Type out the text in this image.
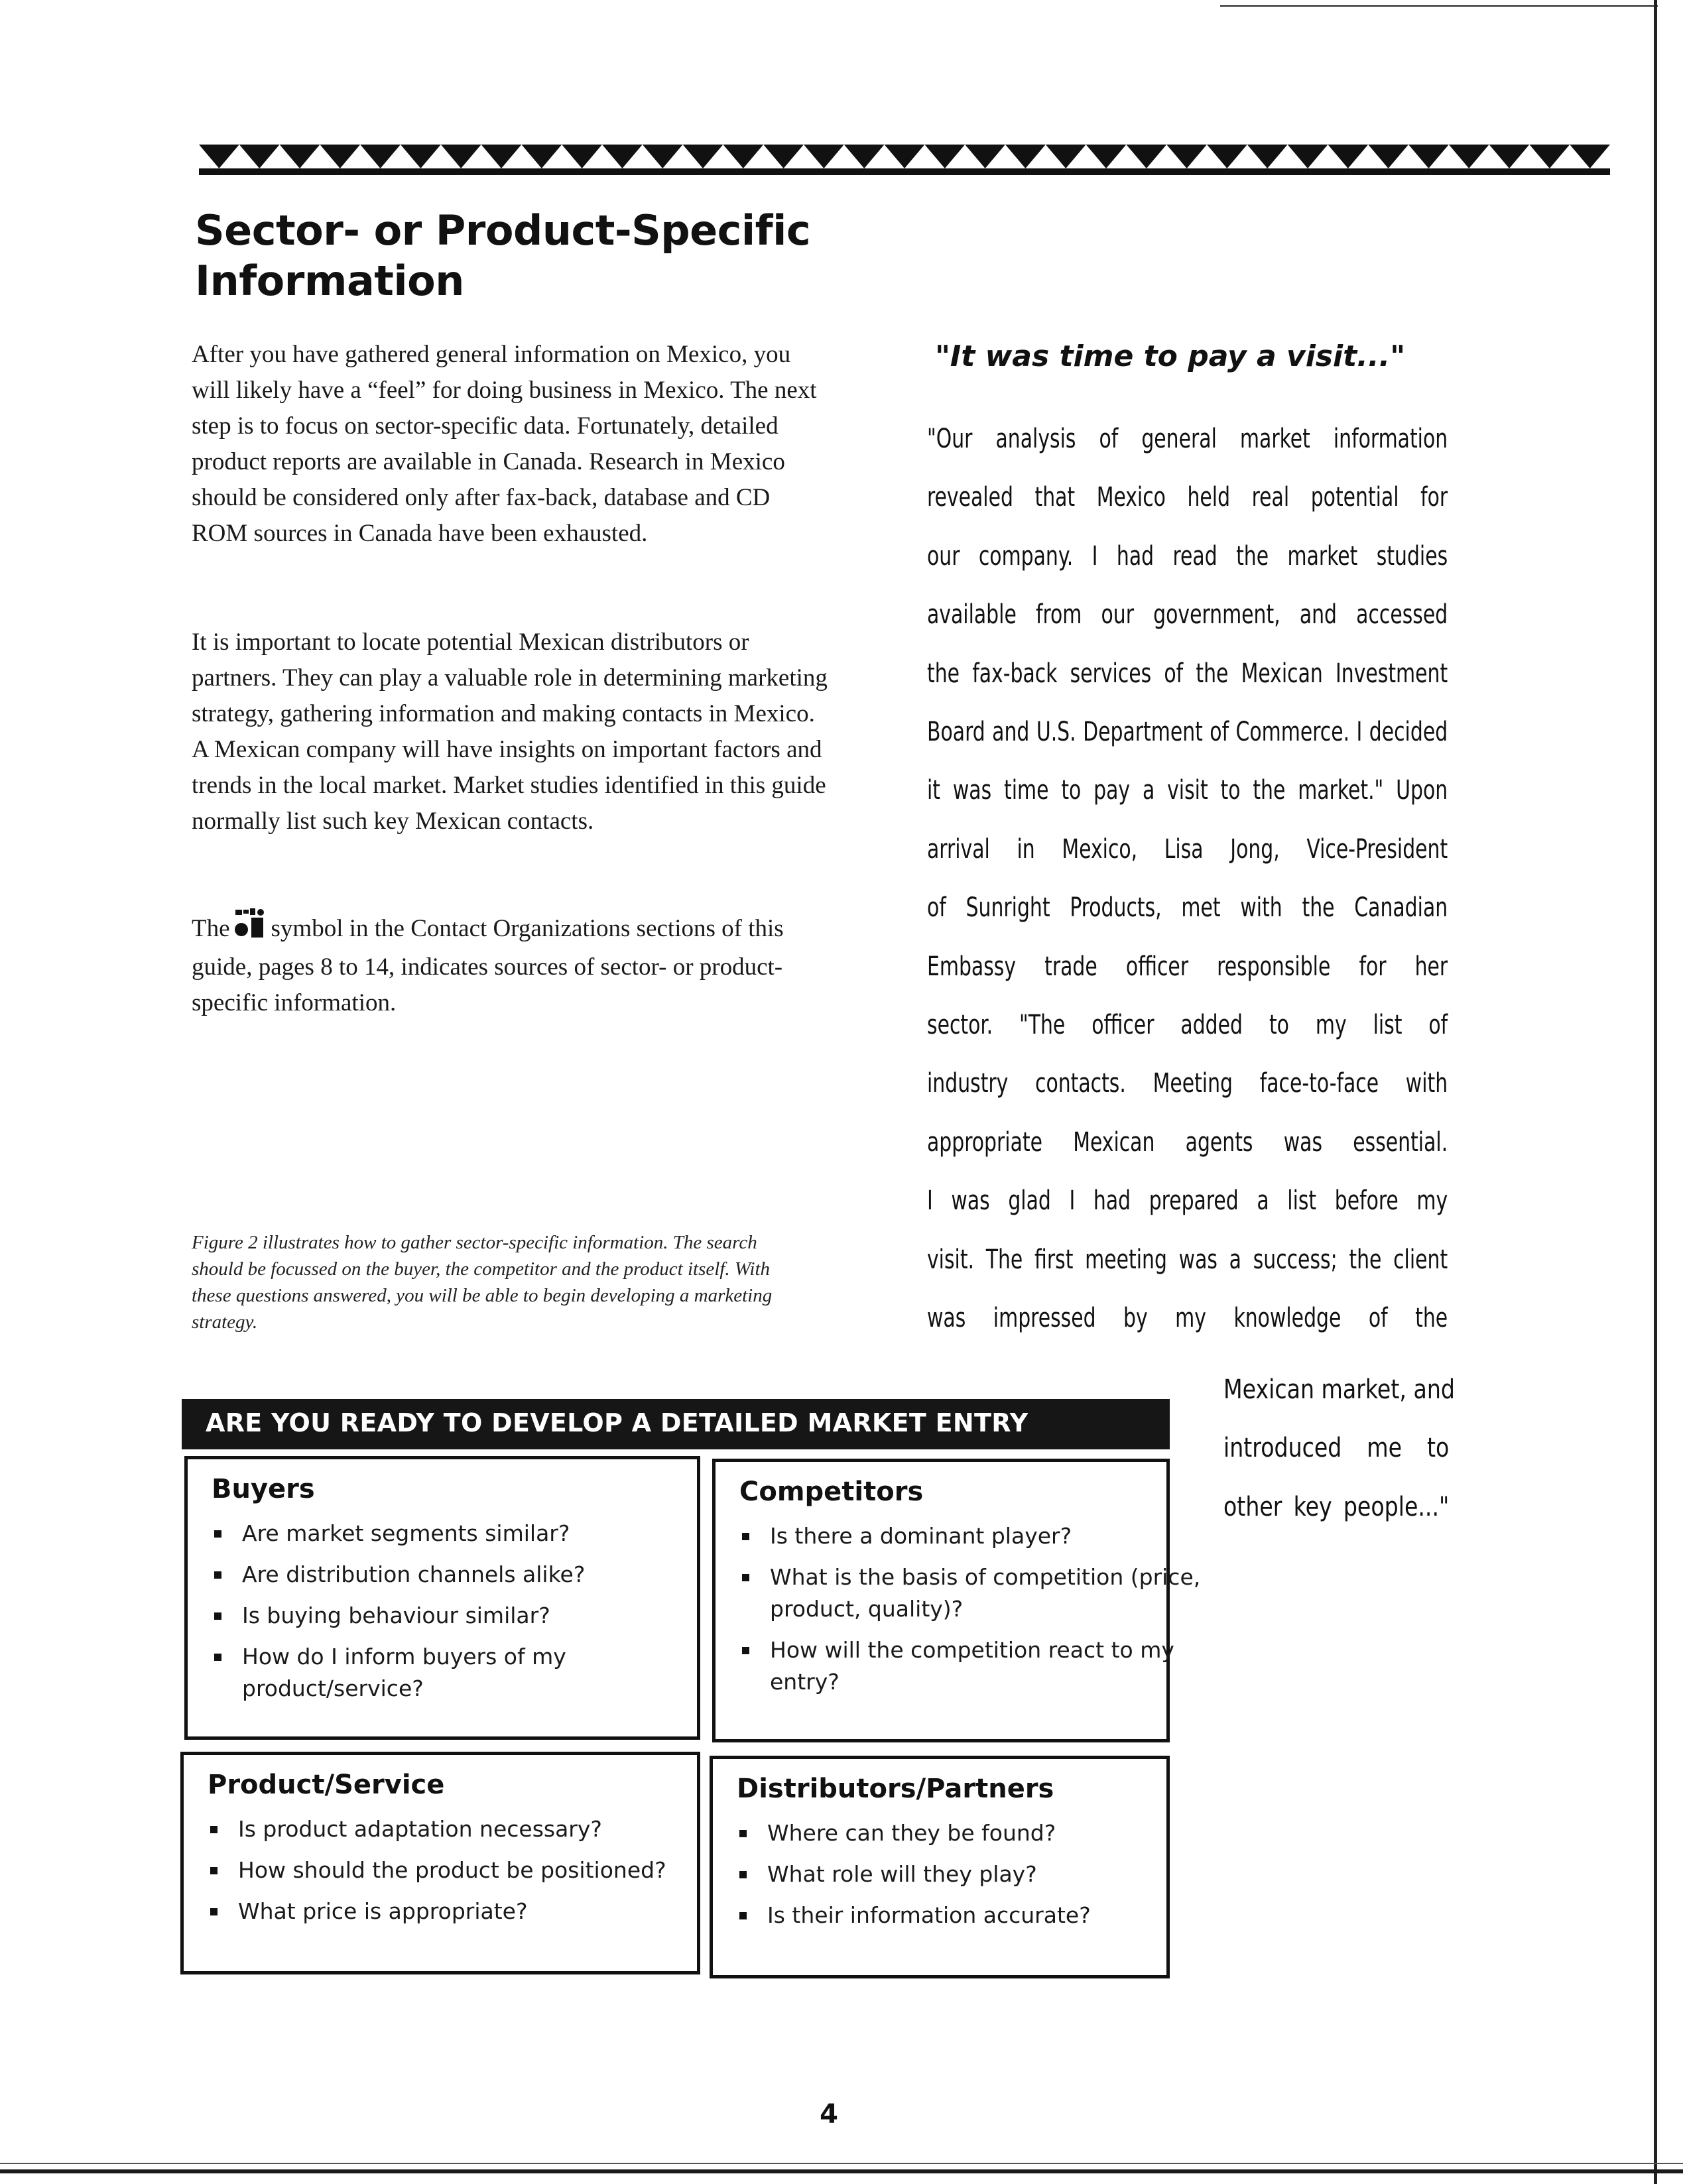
Sector- or Product-Specific
Information
After you have gathered general information on Mexico, you will likely have a “feel” for doing business in Mexico. The next step is to focus on sector-specific data. Fortunately, detailed product reports are available in Canada. Research in Mexico should be considered only after fax-back, database and CD ROM sources in Canada have been exhausted.
It is important to locate potential Mexican distributors or partners. They can play a valuable role in determining marketing strategy, gathering information and making contacts in Mexico. A Mexican company will have insights on important factors and trends in the local market. Market studies identified in this guide normally list such key Mexican contacts.
The symbol in the Contact Organizations sections of this guide, pages 8 to 14, indicates sources of sector- or product-specific information.
Figure 2 illustrates how to gather sector-specific information. The search should be focussed on the buyer, the competitor and the product itself. With these questions answered, you will be able to begin developing a marketing strategy.
"It was time to pay a visit..."
"Our analysis of general market information
revealed that Mexico held real potential for
our company. I had read the market studies
available from our government, and accessed
the fax-back services of the Mexican Investment
Board and U.S. Department of Commerce. I decided
it was time to pay a visit to the market." Upon
arrival in Mexico, Lisa Jong, Vice-President
of Sunright Products, met with the Canadian
Embassy trade officer responsible for her
sector. "The officer added to my list of
industry contacts. Meeting face-to-face with
appropriate Mexican agents was essential.
I was glad I had prepared a list before my
visit. The first meeting was a success; the client
was impressed by my knowledge of the
Mexican market, and
introduced me to
other key people..."
ARE YOU READY TO DEVELOP A DETAILED MARKET ENTRY
Buyers
Are market segments similar?
Are distribution channels alike?
Is buying behaviour similar?
How do I inform buyers of my product/service?
Competitors
Is there a dominant player?
What is the basis of competition (price, product, quality)?
How will the competition react to my entry?
Product/Service
Is product adaptation necessary?
How should the product be positioned?
What price is appropriate?
Distributors/Partners
Where can they be found?
What role will they play?
Is their information accurate?
4
